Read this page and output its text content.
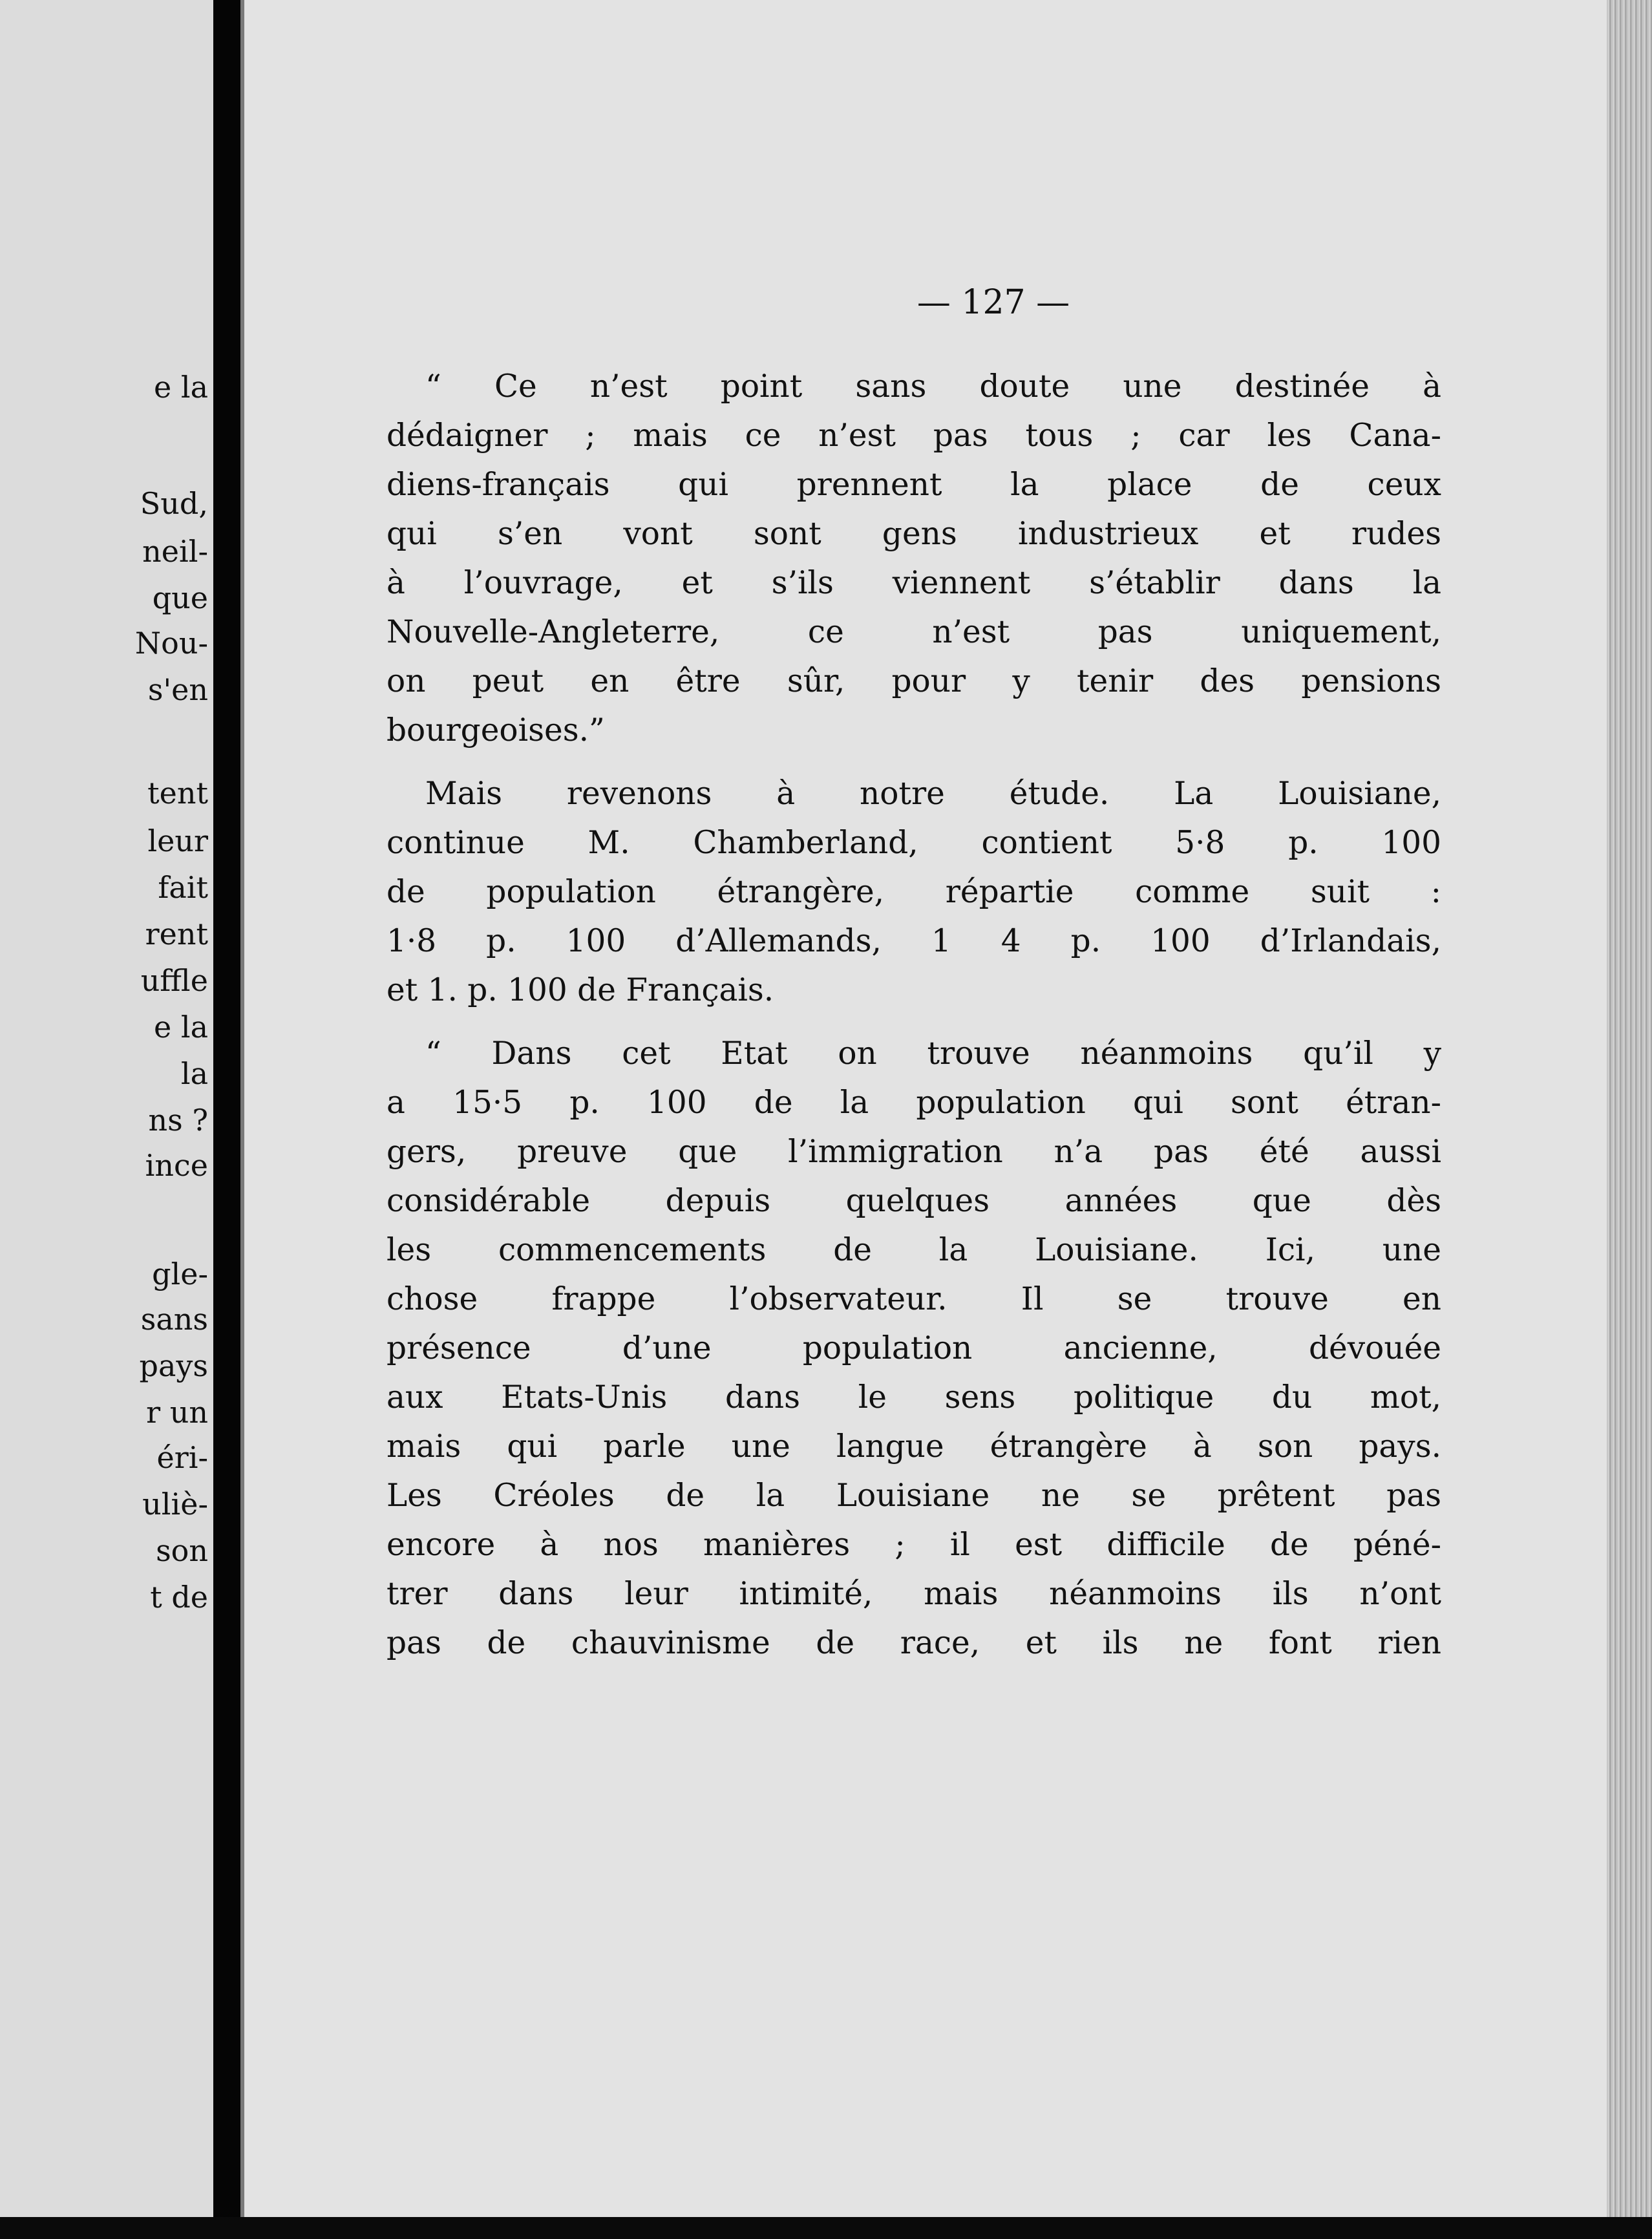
e la
Sud,
neil-
que
Nou-
s'en
tent
leur
fait
rent
uffle
e la
la
ns ?
ince
gle-
sans
pays
r un
éri-
uliè-
son
t de
— 127 —

“ Ce n’est point sans doute une destinée à
dédaigner ; mais ce n’est pas tous ; car les Cana-
diens-français qui prennent la place de ceux
qui s’en vont sont gens industrieux et rudes
à l’ouvrage, et s’ils viennent s’établir dans la
Nouvelle-Angleterre, ce n’est pas uniquement,
on peut en être sûr, pour y tenir des pensions
bourgeoises.”

Mais revenons à notre étude. La Louisiane,
continue M. Chamberland, contient 5·8 p. 100
de population étrangère, répartie comme suit :
1·8 p. 100 d’Allemands, 1 4 p. 100 d’Irlandais,
et 1. p. 100 de Français.

“ Dans cet Etat on trouve néanmoins qu’il y
a 15·5 p. 100 de la population qui sont étran-
gers, preuve que l’immigration n’a pas été aussi
considérable depuis quelques années que dès
les commencements de la Louisiane. Ici, une
chose frappe l’observateur. Il se trouve en
présence d’une population ancienne, dévouée
aux Etats-Unis dans le sens politique du mot,
mais qui parle une langue étrangère à son pays.
Les Créoles de la Louisiane ne se prêtent pas
encore à nos manières ; il est difficile de péné-
trer dans leur intimité, mais néanmoins ils n’ont
pas de chauvinisme de race, et ils ne font rien
